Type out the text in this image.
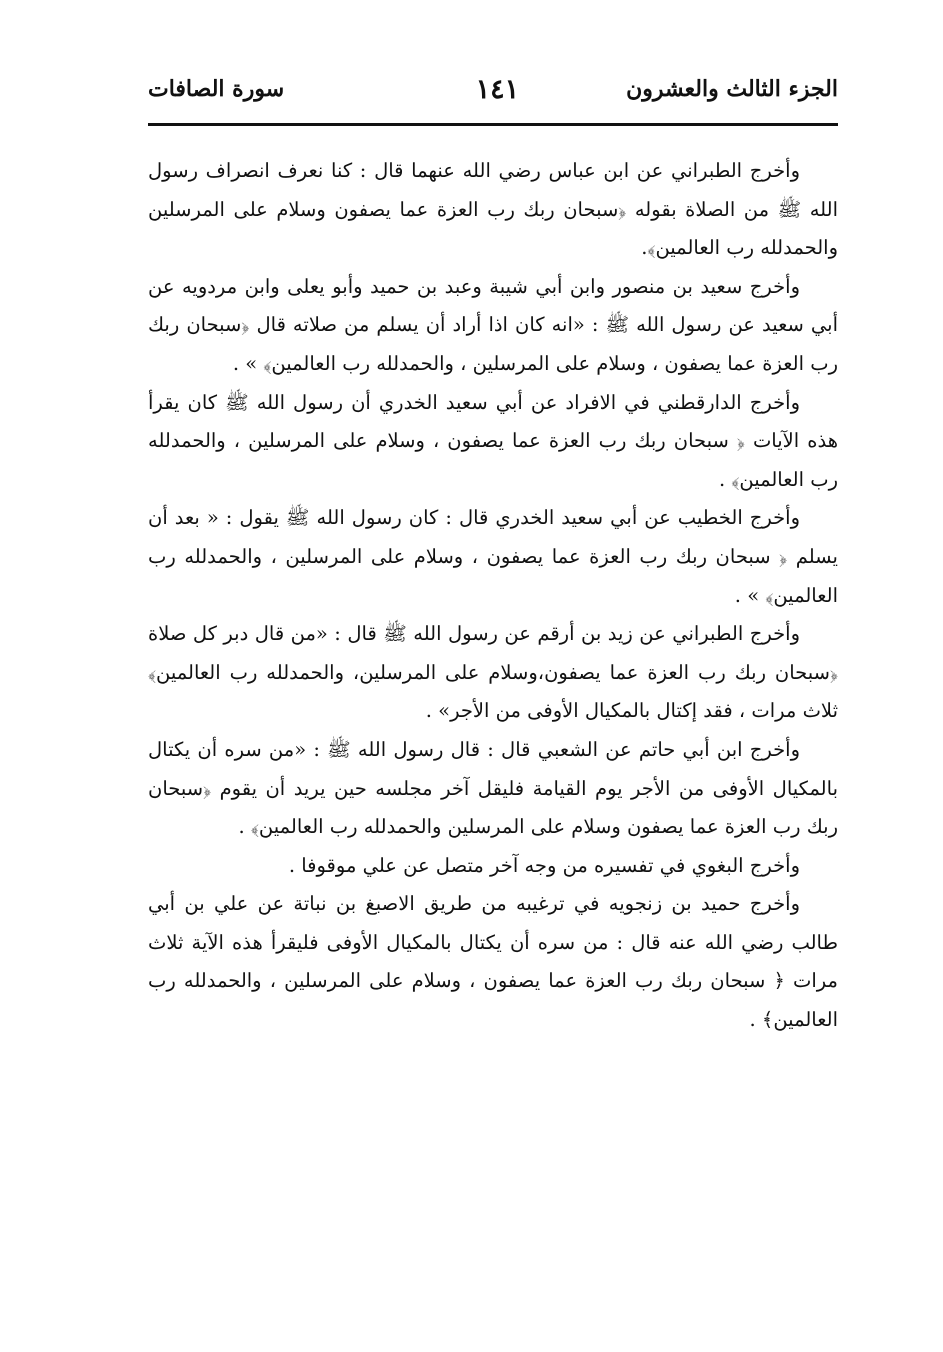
الجزء الثالث والعشرون
١٤١
سورة الصافات

وأخرج الطبراني عن ابن عباس رضي الله عنهما قال : كنا نعرف انصراف رسول الله ﷺ من الصلاة بقوله ﴿سبحان ربك رب العزة عما يصفون وسلام على المرسلين والحمدلله رب العالمين﴾.

وأخرج سعيد بن منصور وابن أبي شيبة وعبد بن حميد وأبو يعلى وابن مردويه عن أبي سعيد عن رسول الله ﷺ : «انه كان اذا أراد أن يسلم من صلاته قال ﴿سبحان ربك رب العزة عما يصفون ، وسلام على المرسلين ، والحمدلله رب العالمين﴾ » .

وأخرج الدارقطني في الافراد عن أبي سعيد الخدري أن رسول الله ﷺ كان يقرأ هذه الآيات ﴿ سبحان ربك رب العزة عما يصفون ، وسلام على المرسلين ، والحمدلله رب العالمين﴾ .

وأخرج الخطيب عن أبي سعيد الخدري قال : كان رسول الله ﷺ يقول : « بعد أن يسلم ﴿ سبحان ربك رب العزة عما يصفون ، وسلام على المرسلين ، والحمدلله رب العالمين﴾ » .

وأخرج الطبراني عن زيد بن أرقم عن رسول الله ﷺ قال : «من قال دبر كل صلاة ﴿سبحان ربك رب العزة عما يصفون،وسلام على المرسلين، والحمدلله رب العالمين﴾ ثلاث مرات ، فقد إكتال بالمكيال الأوفى من الأجر» .

وأخرج ابن أبي حاتم عن الشعبي قال : قال رسول الله ﷺ : «من سره أن يكتال بالمكيال الأوفى من الأجر يوم القيامة فليقل آخر مجلسه حين يريد أن يقوم ﴿سبحان ربك رب العزة عما يصفون وسلام على المرسلين والحمدلله رب العالمين﴾ .

وأخرج البغوي في تفسيره من وجه آخر متصل عن علي موقوفا .

وأخرج حميد بن زنجويه في ترغيبه من طريق الاصبغ بن نباتة عن علي بن أبي طالب رضي الله عنه قال : من سره أن يكتال بالمكيال الأوفى فليقرأ هذه الآية ثلاث مرات ﴿ سبحان ربك رب العزة عما يصفون ، وسلام على المرسلين ، والحمدلله رب العالمين﴾ .
